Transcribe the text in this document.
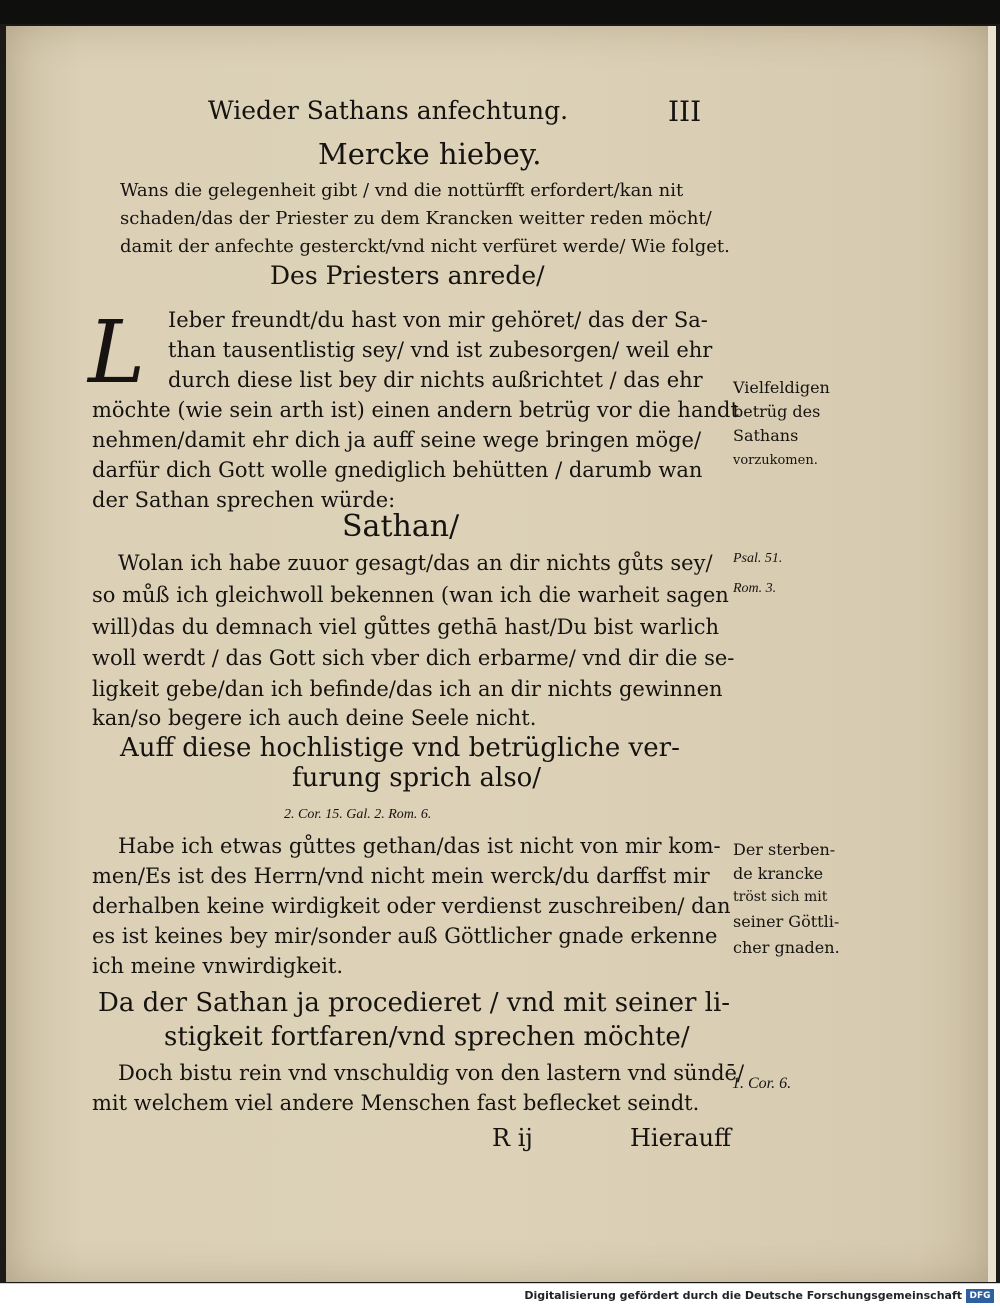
Wieder Sathans anfechtung.	III
Mercke hiebey.
Wans die gelegenheit gibt / vnd die nottürfft erfordert/kan nit
schaden/das der Priester zu dem Krancken weitter reden möcht/
damit der anfechte gesterckt/vnd nicht verfüret werde/ Wie folget.
Des Priesters anrede/
L	Ieber freundt/du hast von mir gehöret/ das der Sa-
than tausentlistig sey/ vnd ist zubesorgen/ weil ehr
durch diese list bey dir nichts außrichtet / das ehr
möchte (wie sein arth ist) einen andern betrüg vor die handt
nehmen/damit ehr dich ja auff seine wege bringen möge/
darfür dich Gott wolle gnediglich behütten / darumb wan
der Sathan sprechen würde:
Sathan/
Wolan ich habe zuuor gesagt/das an dir nichts gůts sey/
so můß ich gleichwoll bekennen (wan ich die warheit sagen
will)das du demnach viel gůttes gethā hast/Du bist warlich
woll werdt / das Gott sich vber dich erbarme/ vnd dir die se-
ligkeit gebe/dan ich befinde/das ich an dir nichts gewinnen
kan/so begere ich auch deine Seele nicht.
Auff diese hochlistige vnd betrügliche ver-
furung sprich also/
2. Cor. 15. Gal. 2. Rom. 6.
Habe ich etwas gůttes gethan/das ist nicht von mir kom-
men/Es ist des Herrn/vnd nicht mein werck/du darffst mir
derhalben keine wirdigkeit oder verdienst zuschreiben/ dan
es ist keines bey mir/sonder auß Göttlicher gnade erkenne
ich meine vnwirdigkeit.
Da der Sathan ja procedieret / vnd mit seiner li-
stigkeit fortfaren/vnd sprechen möchte/
Doch bistu rein vnd vnschuldig von den lastern vnd sündē/
mit welchem viel andere Menschen fast beflecket seindt.
R ij	Hierauff
Vielfeldigen
betrüg des
Sathans
vorzukomen.
Psal. 51.
Rom. 3.
Der sterben-
de krancke
tröst sich mit
seiner Göttli-
cher gnaden.
1. Cor. 6.
Digitalisierung gefördert durch die Deutsche Forschungsgemeinschaft DFG
